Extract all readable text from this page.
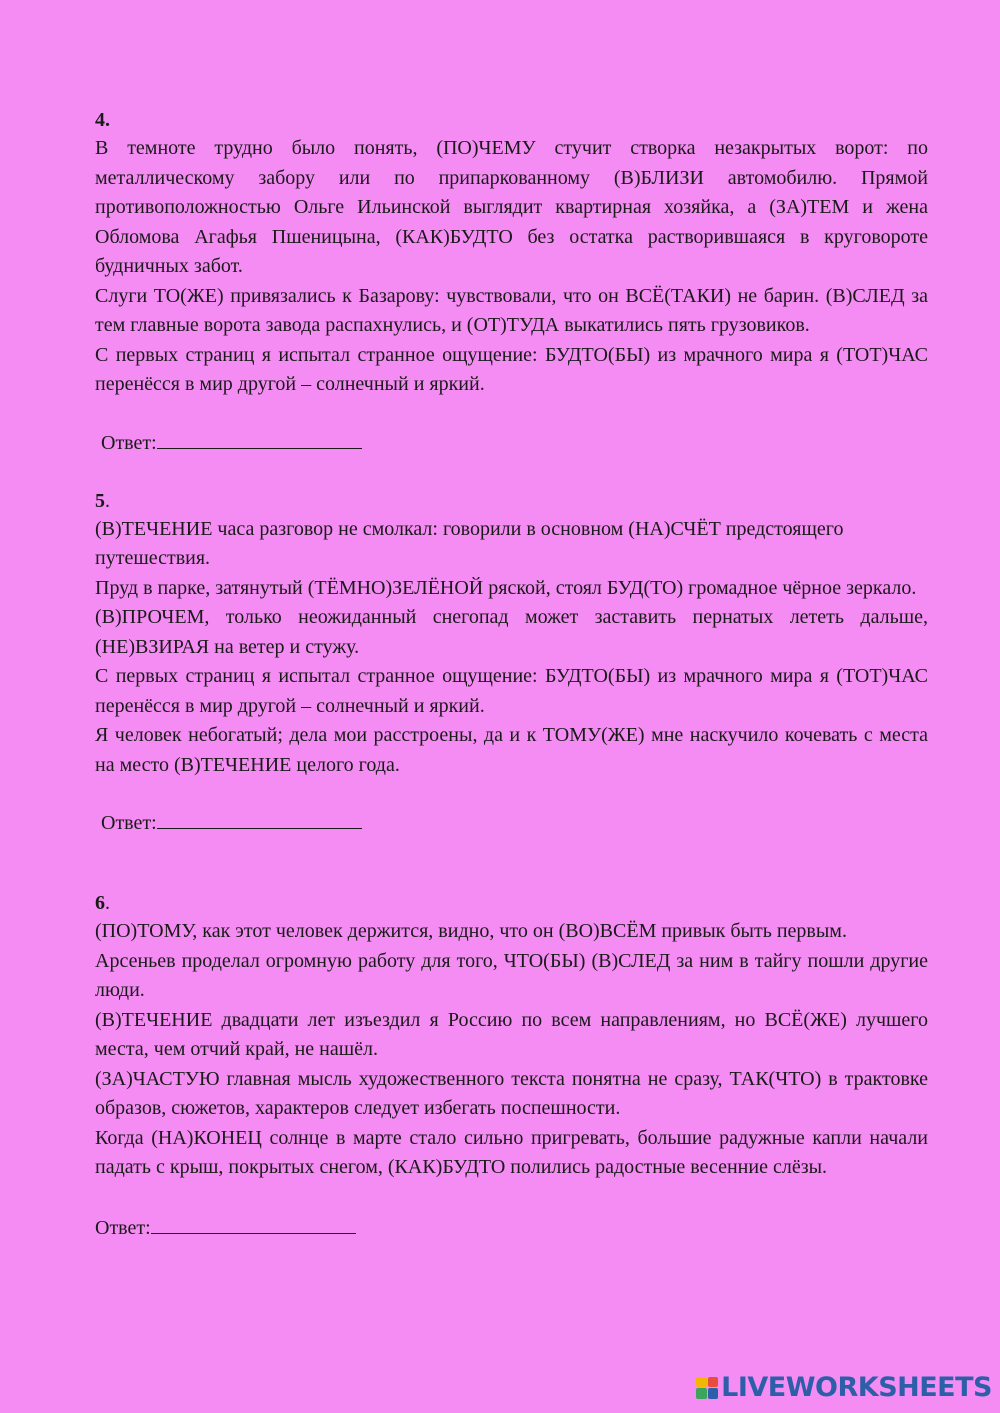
4.

В темноте трудно было понять, (ПО)ЧЕМУ стучит створка незакрытых ворот: по металлическому забору или по припаркованному (В)БЛИЗИ автомобилю. Прямой противоположностью Ольге Ильинской выглядит квартирная хозяйка, а (ЗА)ТЕМ и жена Обломова Агафья Пшеницына, (КАК)БУДТО без остатка растворившаяся в круговороте будничных забот.

Слуги ТО(ЖЕ) привязались к Базарову: чувствовали, что он ВСЁ(ТАКИ) не барин. (В)СЛЕД за тем главные ворота завода распахнулись, и (ОТ)ТУДА выкатились пять грузовиков.

С первых страниц я испытал странное ощущение: БУДТО(БЫ) из мрачного мира я (ТОТ)ЧАС перенёсся в мир другой – солнечный и яркий.

Ответ:

5.

(В)ТЕЧЕНИЕ часа разговор не смолкал: говорили в основном (НА)СЧЁТ предстоящего путешествия.

Пруд в парке, затянутый (ТЁМНО)ЗЕЛЁНОЙ ряской, стоял БУД(ТО) громадное чёрное зеркало.

(В)ПРОЧЕМ, только неожиданный снегопад может заставить пернатых лететь дальше, (НЕ)ВЗИРАЯ на ветер и стужу.

С первых страниц я испытал странное ощущение: БУДТО(БЫ) из мрачного мира я (ТОТ)ЧАС перенёсся в мир другой – солнечный и яркий.

Я человек небогатый; дела мои расстроены, да и к ТОМУ(ЖЕ) мне наскучило кочевать с места на место (В)ТЕЧЕНИЕ целого года.

Ответ:

6.

(ПО)ТОМУ, как этот человек держится, видно, что он (ВО)ВСЁМ привык быть первым.

Арсеньев проделал огромную работу для того, ЧТО(БЫ) (В)СЛЕД за ним в тайгу пошли другие люди.

(В)ТЕЧЕНИЕ двадцати лет изъездил я Россию по всем направлениям, но ВСЁ(ЖЕ) лучшего места, чем отчий край, не нашёл.

(ЗА)ЧАСТУЮ главная мысль художественного текста понятна не сразу, ТАК(ЧТО) в трактовке образов, сюжетов, характеров следует избегать поспешности.

Когда (НА)КОНЕЦ солнце в марте стало сильно пригревать, большие радужные капли начали падать с крыш, покрытых снегом, (КАК)БУДТО полились радостные весенние слёзы.

Ответ:

LIVEWORKSHEETS
